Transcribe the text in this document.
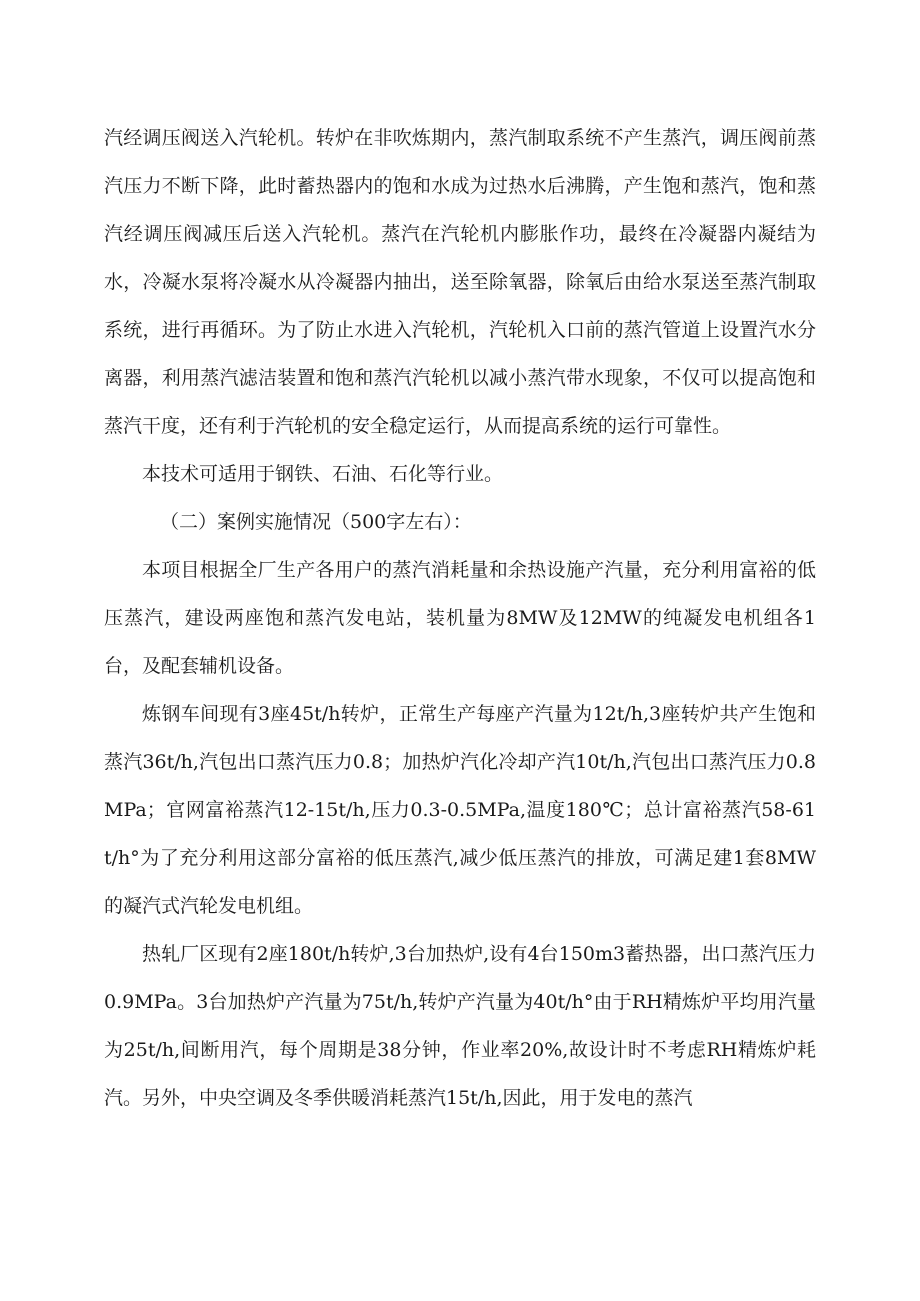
汽经调压阀送入汽轮机。转炉在非吹炼期内，蒸汽制取系统不产生蒸汽，调压阀前蒸汽压力不断下降，此时蓄热器内的饱和水成为过热水后沸腾，产生饱和蒸汽，饱和蒸汽经调压阀减压后送入汽轮机。蒸汽在汽轮机内膨胀作功，最终在冷凝器内凝结为水，冷凝水泵将冷凝水从冷凝器内抽出，送至除氧器，除氧后由给水泵送至蒸汽制取系统，进行再循环。为了防止水进入汽轮机，汽轮机入口前的蒸汽管道上设置汽水分离器，利用蒸汽滤洁装置和饱和蒸汽汽轮机以减小蒸汽带水现象，不仅可以提高饱和蒸汽干度，还有利于汽轮机的安全稳定运行，从而提高系统的运行可靠性。

本技术可适用于钢铁、石油、石化等行业。

（二）案例实施情况（500字左右）：

本项目根据全厂生产各用户的蒸汽消耗量和余热设施产汽量，充分利用富裕的低压蒸汽，建设两座饱和蒸汽发电站，装机量为8MW及12MW的纯凝发电机组各1台，及配套辅机设备。

炼钢车间现有3座45t/h转炉，正常生产每座产汽量为12t/h,3座转炉共产生饱和蒸汽36t/h,汽包出口蒸汽压力0.8；加热炉汽化冷却产汽10t/h,汽包出口蒸汽压力0.8MPa；官网富裕蒸汽12-15t/h,压力0.3-0.5MPa,温度180℃；总计富裕蒸汽58-61t/h°为了充分利用这部分富裕的低压蒸汽,减少低压蒸汽的排放，可满足建1套8MW的凝汽式汽轮发电机组。

热轧厂区现有2座180t/h转炉,3台加热炉,设有4台150m3蓄热器，出口蒸汽压力0.9MPa。3台加热炉产汽量为75t/h,转炉产汽量为40t/h°由于RH精炼炉平均用汽量为25t/h,间断用汽，每个周期是38分钟，作业率20%,故设计时不考虑RH精炼炉耗汽。另外，中央空调及冬季供暖消耗蒸汽15t/h,因此，用于发电的蒸汽
